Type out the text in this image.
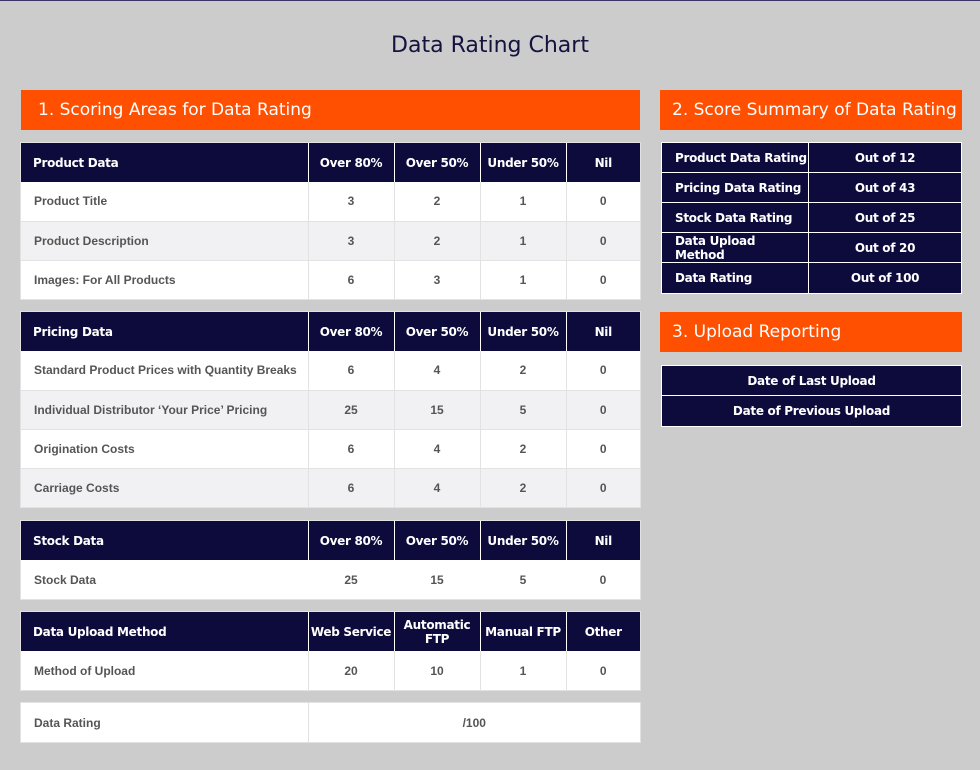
Data Rating Chart
1. Scoring Areas for Data Rating
Product Data	Over 80%	Over 50%	Under 50%	Nil
Product Title	3	2	1	0
Product Description	3	2	1	0
Images: For All Products	6	3	1	0
Pricing Data	Over 80%	Over 50%	Under 50%	Nil
Standard Product Prices with Quantity Breaks	6	4	2	0
Individual Distributor ‘Your Price’ Pricing	25	15	5	0
Origination Costs	6	4	2	0
Carriage Costs	6	4	2	0
Stock Data	Over 80%	Over 50%	Under 50%	Nil
Stock Data	25	15	5	0
Data Upload Method	Web Service	Automatic FTP	Manual FTP	Other
Method of Upload	20	10	1	0
Data Rating	/100
2. Score Summary of Data Rating
Product Data Rating	Out of 12
Pricing Data Rating	Out of 43
Stock Data Rating	Out of 25
Data Upload Method	Out of 20
Data Rating	Out of 100
3. Upload Reporting
Date of Last Upload
Date of Previous Upload
